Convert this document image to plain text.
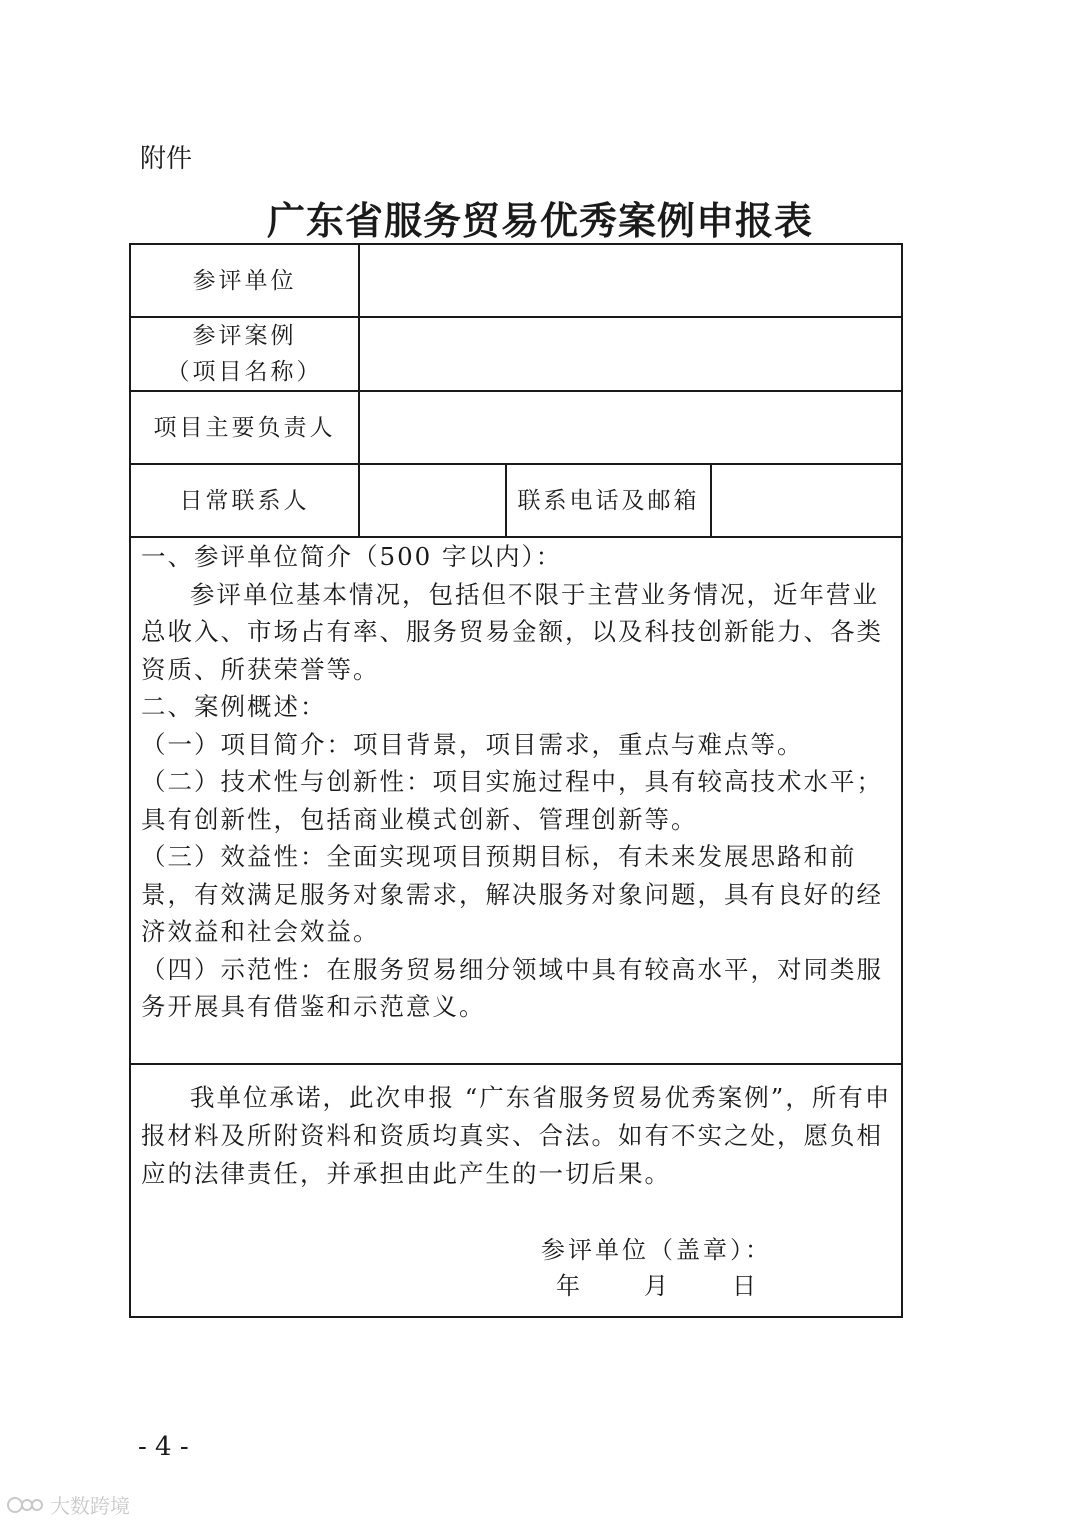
附件
广东省服务贸易优秀案例申报表
参评单位
参评案例
（项目名称）
项目主要负责人
日常联系人	联系电话及邮箱

一、参评单位简介（500 字以内）：

参评单位基本情况，包括但不限于主营业务情况，近年营业总收入、市场占有率、服务贸易金额，以及科技创新能力、各类资质、所获荣誉等。

二、案例概述：

（一）项目简介：项目背景，项目需求，重点与难点等。

（二）技术性与创新性：项目实施过程中，具有较高技术水平；具有创新性，包括商业模式创新、管理创新等。

（三）效益性：全面实现项目预期目标，有未来发展思路和前景，有效满足服务对象需求，解决服务对象问题，具有良好的经济效益和社会效益。

（四）示范性：在服务贸易细分领域中具有较高水平，对同类服务开展具有借鉴和示范意义。

我单位承诺，此次申报 “广东省服务贸易优秀案例”，所有申报材料及所附资料和资质均真实、合法。如有不实之处，愿负相应的法律责任，并承担由此产生的一切后果。
参评单位（盖章）：
年	月	日
- 4 -
大数跨境
